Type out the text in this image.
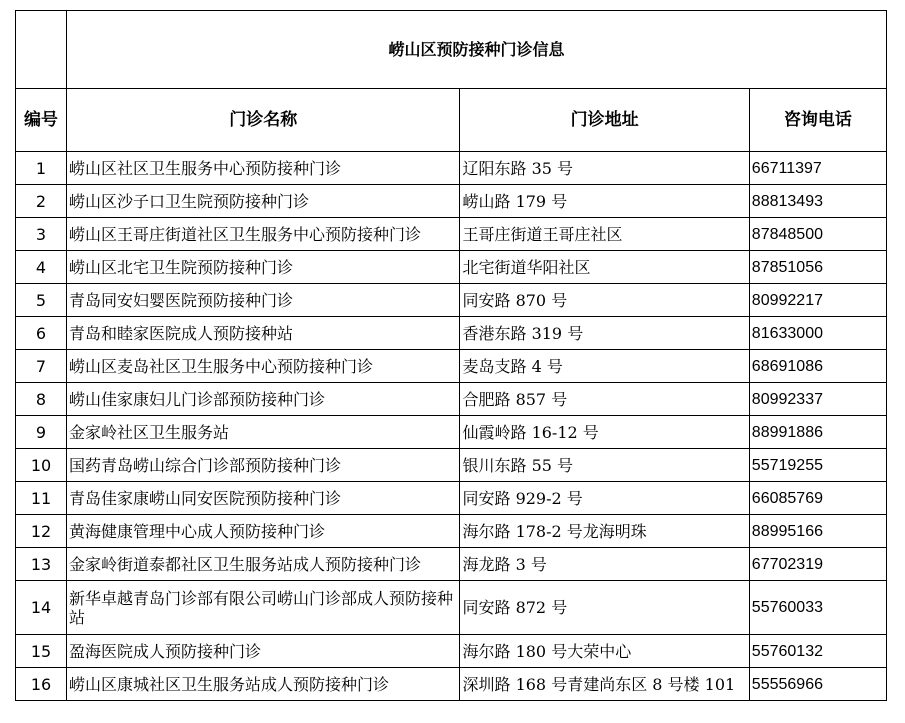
	崂山区预防接种门诊信息		
编号	门诊名称	门诊地址	咨询电话
1	崂山区社区卫生服务中心预防接种门诊	辽阳东路 35 号	66711397
2	崂山区沙子口卫生院预防接种门诊	崂山路 179 号	88813493
3	崂山区王哥庄街道社区卫生服务中心预防接种门诊	王哥庄街道王哥庄社区	87848500
4	崂山区北宅卫生院预防接种门诊	北宅街道华阳社区	87851056
5	青岛同安妇婴医院预防接种门诊	同安路 870 号	80992217
6	青岛和睦家医院成人预防接种站	香港东路 319 号	81633000
7	崂山区麦岛社区卫生服务中心预防接种门诊	麦岛支路 4 号	68691086
8	崂山佳家康妇儿门诊部预防接种门诊	合肥路 857 号	80992337
9	金家岭社区卫生服务站	仙霞岭路 16-12 号	88991886
10	国药青岛崂山综合门诊部预防接种门诊	银川东路 55 号	55719255
11	青岛佳家康崂山同安医院预防接种门诊	同安路 929-2 号	66085769
12	黄海健康管理中心成人预防接种门诊	海尔路 178-2 号龙海明珠	88995166
13	金家岭街道泰都社区卫生服务站成人预防接种门诊	海龙路 3 号	67702319
14	新华卓越青岛门诊部有限公司崂山门诊部成人预防接种站	同安路 872 号	55760033
15	盈海医院成人预防接种门诊	海尔路 180 号大荣中心	55760132
16	崂山区康城社区卫生服务站成人预防接种门诊	深圳路 168 号青建尚东区 8 号楼 101	55556966
